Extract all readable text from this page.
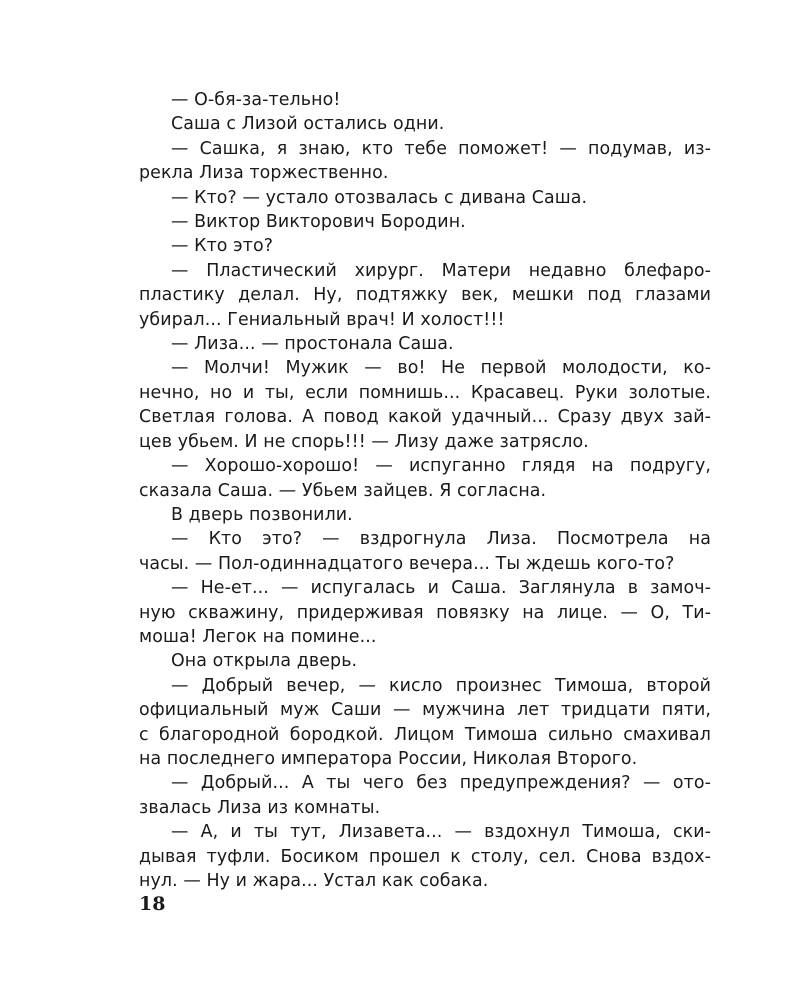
— О-бя-за-тельно!
Саша с Лизой остались одни.
— Сашка, я знаю, кто тебе поможет! — подумав, из-
рекла Лиза торжественно.
— Кто? — устало отозвалась с дивана Саша.
— Виктор Викторович Бородин.
— Кто это?
— Пластический хирург. Матери недавно блефаро-
пластику делал. Ну, подтяжку век, мешки под глазами
убирал... Гениальный врач! И холост!!!
— Лиза... — простонала Саша.
— Молчи! Мужик — во! Не первой молодости, ко-
нечно, но и ты, если помнишь... Красавец. Руки золотые.
Светлая голова. А повод какой удачный... Сразу двух зай-
цев убьем. И не спорь!!! — Лизу даже затрясло.
— Хорошо-хорошо! — испуганно глядя на подругу,
сказала Саша. — Убьем зайцев. Я согласна.
В дверь позвонили.
— Кто это? — вздрогнула Лиза. Посмотрела на
часы. — Пол-одиннадцатого вечера... Ты ждешь кого-то?
— Не-ет... — испугалась и Саша. Заглянула в замоч-
ную скважину, придерживая повязку на лице. — О, Ти-
моша! Легок на помине...
Она открыла дверь.
— Добрый вечер, — кисло произнес Тимоша, второй
официальный муж Саши — мужчина лет тридцати пяти,
с благородной бородкой. Лицом Тимоша сильно смахивал
на последнего императора России, Николая Второго.
— Добрый... А ты чего без предупреждения? — ото-
звалась Лиза из комнаты.
— А, и ты тут, Лизавета... — вздохнул Тимоша, ски-
дывая туфли. Босиком прошел к столу, сел. Снова вздох-
нул. — Ну и жара... Устал как собака.
18
